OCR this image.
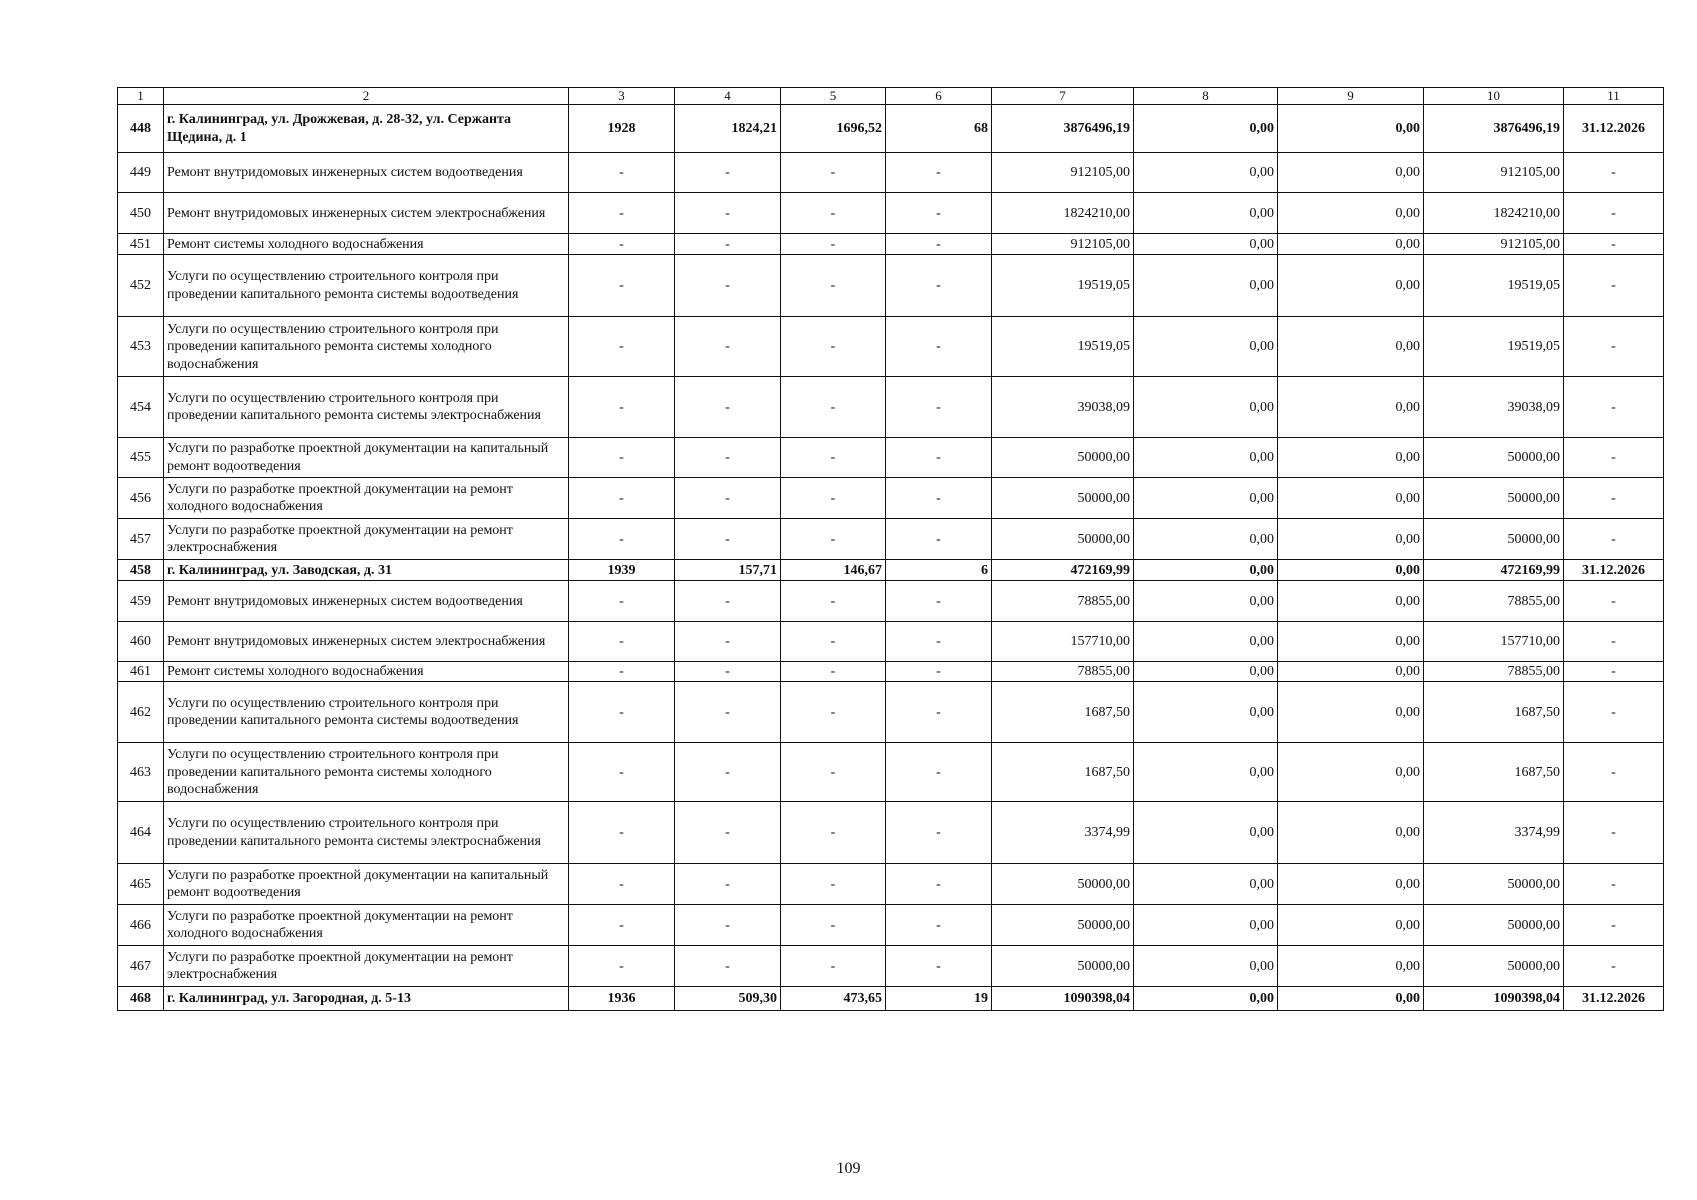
1	2	3	4	5	6	7	8	9	10	11
448	г. Калининград, ул. Дрожжевая, д. 28-32, ул. Сержанта Щедина, д. 1	1928	1824,21	1696,52	68	3876496,19	0,00	0,00	3876496,19	31.12.2026
449	Ремонт внутридомовых инженерных систем водоотведения	-	-	-	-	912105,00	0,00	0,00	912105,00	-
450	Ремонт внутридомовых инженерных систем электроснабжения	-	-	-	-	1824210,00	0,00	0,00	1824210,00	-
451	Ремонт системы холодного водоснабжения	-	-	-	-	912105,00	0,00	0,00	912105,00	-
452	Услуги по осуществлению строительного контроля при проведении капитального ремонта системы водоотведения	-	-	-	-	19519,05	0,00	0,00	19519,05	-
453	Услуги по осуществлению строительного контроля при проведении капитального ремонта системы холодного водоснабжения	-	-	-	-	19519,05	0,00	0,00	19519,05	-
454	Услуги по осуществлению строительного контроля при проведении капитального ремонта системы электроснабжения	-	-	-	-	39038,09	0,00	0,00	39038,09	-
455	Услуги по разработке проектной документации на капитальный ремонт водоотведения	-	-	-	-	50000,00	0,00	0,00	50000,00	-
456	Услуги по разработке проектной документации на ремонт холодного водоснабжения	-	-	-	-	50000,00	0,00	0,00	50000,00	-
457	Услуги по разработке проектной документации на ремонт электроснабжения	-	-	-	-	50000,00	0,00	0,00	50000,00	-
458	г. Калининград, ул. Заводская, д. 31	1939	157,71	146,67	6	472169,99	0,00	0,00	472169,99	31.12.2026
459	Ремонт внутридомовых инженерных систем водоотведения	-	-	-	-	78855,00	0,00	0,00	78855,00	-
460	Ремонт внутридомовых инженерных систем электроснабжения	-	-	-	-	157710,00	0,00	0,00	157710,00	-
461	Ремонт системы холодного водоснабжения	-	-	-	-	78855,00	0,00	0,00	78855,00	-
462	Услуги по осуществлению строительного контроля при проведении капитального ремонта системы водоотведения	-	-	-	-	1687,50	0,00	0,00	1687,50	-
463	Услуги по осуществлению строительного контроля при проведении капитального ремонта системы холодного водоснабжения	-	-	-	-	1687,50	0,00	0,00	1687,50	-
464	Услуги по осуществлению строительного контроля при проведении капитального ремонта системы электроснабжения	-	-	-	-	3374,99	0,00	0,00	3374,99	-
465	Услуги по разработке проектной документации на капитальный ремонт водоотведения	-	-	-	-	50000,00	0,00	0,00	50000,00	-
466	Услуги по разработке проектной документации на ремонт холодного водоснабжения	-	-	-	-	50000,00	0,00	0,00	50000,00	-
467	Услуги по разработке проектной документации на ремонт электроснабжения	-	-	-	-	50000,00	0,00	0,00	50000,00	-
468	г. Калининград, ул. Загородная, д. 5-13	1936	509,30	473,65	19	1090398,04	0,00	0,00	1090398,04	31.12.2026
109
